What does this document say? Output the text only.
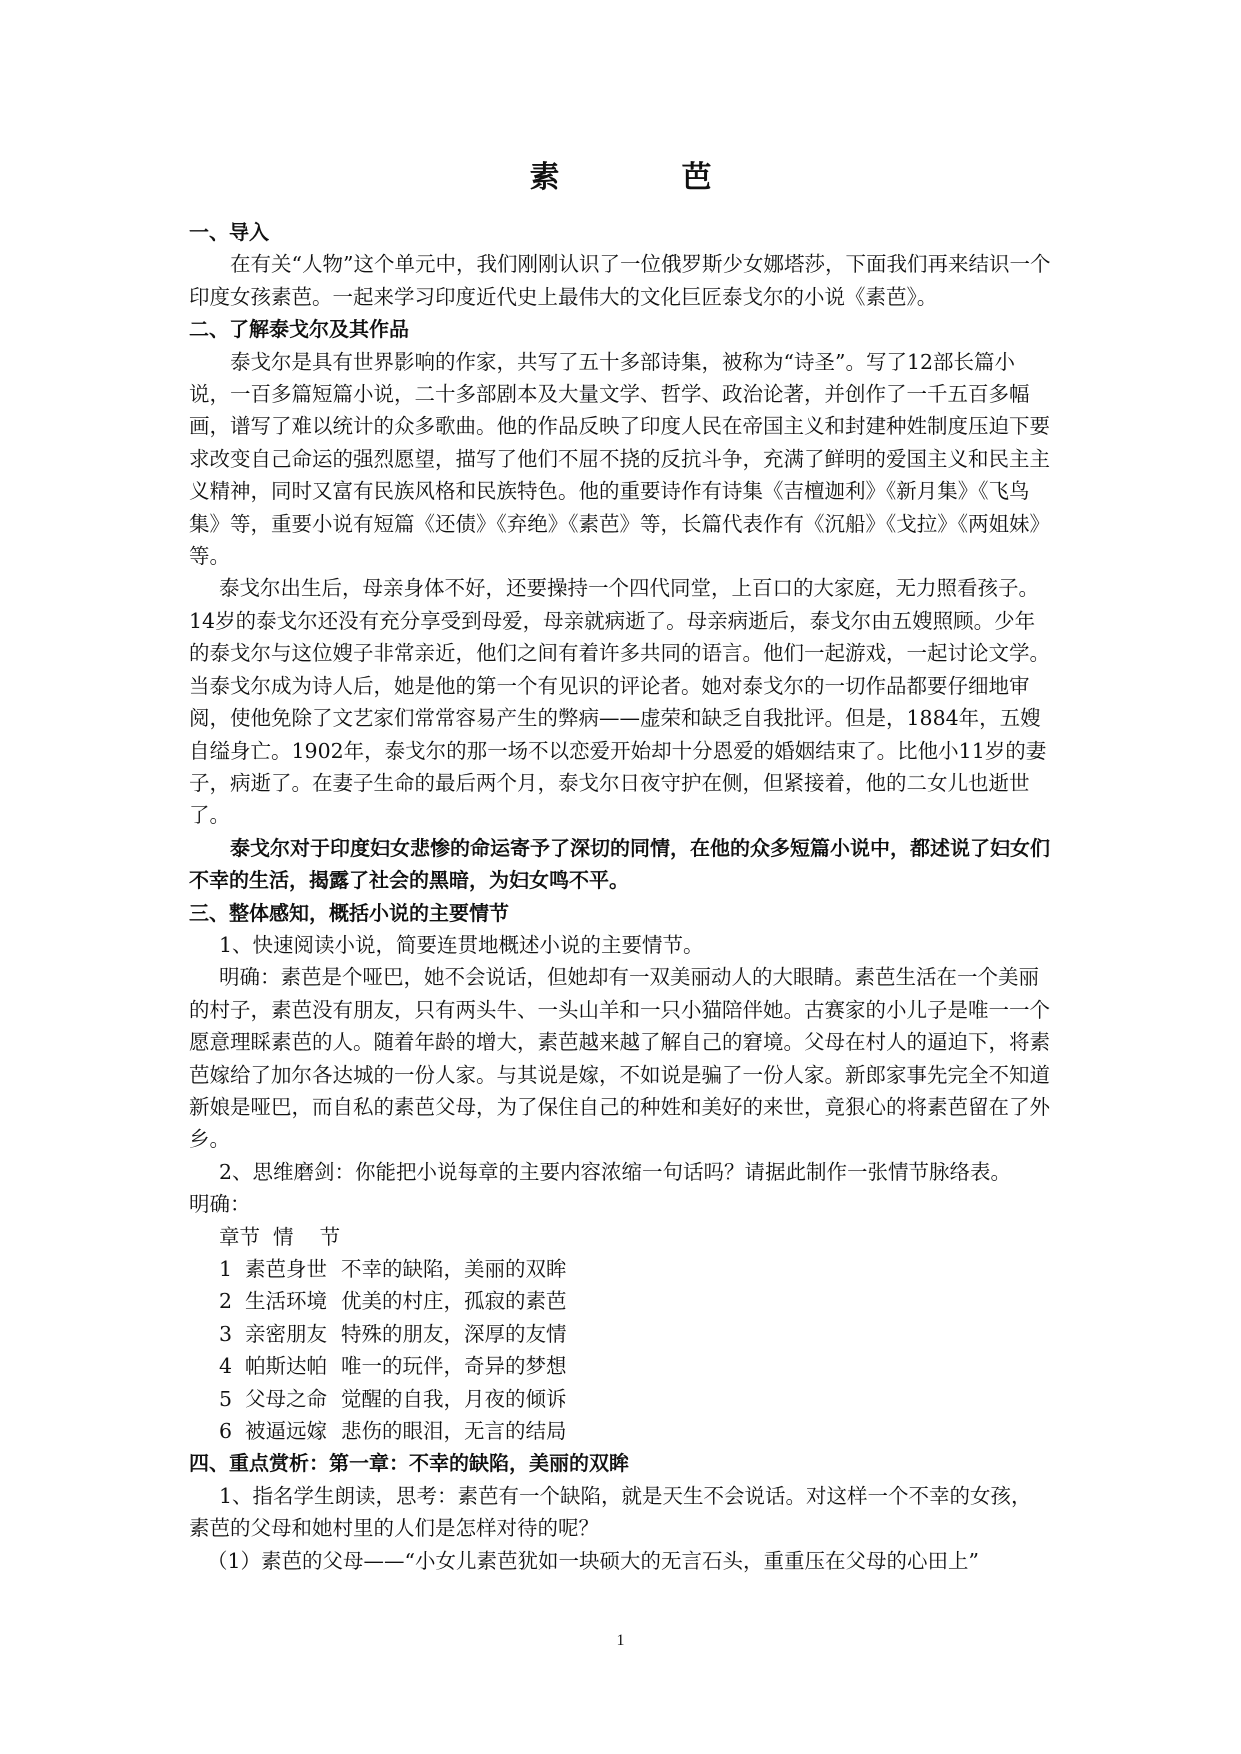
素　芭

一、导入

在有关“人物”这个单元中，我们刚刚认识了一位俄罗斯少女娜塔莎，下面我们再来结识一个印度女孩素芭。一起来学习印度近代史上最伟大的文化巨匠泰戈尔的小说《素芭》。

二、了解泰戈尔及其作品

泰戈尔是具有世界影响的作家，共写了五十多部诗集，被称为“诗圣”。写了12部长篇小说，一百多篇短篇小说，二十多部剧本及大量文学、哲学、政治论著，并创作了一千五百多幅画，谱写了难以统计的众多歌曲。他的作品反映了印度人民在帝国主义和封建种姓制度压迫下要求改变自己命运的强烈愿望，描写了他们不屈不挠的反抗斗争，充满了鲜明的爱国主义和民主主义精神，同时又富有民族风格和民族特色。他的重要诗作有诗集《吉檀迦利》《新月集》《飞鸟集》等，重要小说有短篇《还债》《弃绝》《素芭》等，长篇代表作有《沉船》《戈拉》《两姐妹》等。

泰戈尔出生后，母亲身体不好，还要操持一个四代同堂，上百口的大家庭，无力照看孩子。14岁的泰戈尔还没有充分享受到母爱，母亲就病逝了。母亲病逝后，泰戈尔由五嫂照顾。少年的泰戈尔与这位嫂子非常亲近，他们之间有着许多共同的语言。他们一起游戏，一起讨论文学。当泰戈尔成为诗人后，她是他的第一个有见识的评论者。她对泰戈尔的一切作品都要仔细地审阅，使他免除了文艺家们常常容易产生的弊病——虚荣和缺乏自我批评。但是，1884年，五嫂自缢身亡。1902年，泰戈尔的那一场不以恋爱开始却十分恩爱的婚姻结束了。比他小11岁的妻子，病逝了。在妻子生命的最后两个月，泰戈尔日夜守护在侧，但紧接着，他的二女儿也逝世了。

泰戈尔对于印度妇女悲惨的命运寄予了深切的同情，在他的众多短篇小说中，都述说了妇女们不幸的生活，揭露了社会的黑暗，为妇女鸣不平。

三、整体感知，概括小说的主要情节

1、快速阅读小说，简要连贯地概述小说的主要情节。

明确：素芭是个哑巴，她不会说话，但她却有一双美丽动人的大眼睛。素芭生活在一个美丽的村子，素芭没有朋友，只有两头牛、一头山羊和一只小猫陪伴她。古赛家的小儿子是唯一一个愿意理睬素芭的人。随着年龄的增大，素芭越来越了解自己的窘境。父母在村人的逼迫下，将素芭嫁给了加尔各达城的一份人家。与其说是嫁，不如说是骗了一份人家。新郎家事先完全不知道新娘是哑巴，而自私的素芭父母，为了保住自己的种姓和美好的来世，竟狠心的将素芭留在了外乡。

2、思维磨剑：你能把小说每章的主要内容浓缩一句话吗？请据此制作一张情节脉络表。

明确：

章节  情    节

1 素芭身世 不幸的缺陷，美丽的双眸

2 生活环境 优美的村庄，孤寂的素芭

3 亲密朋友 特殊的朋友，深厚的友情

4 帕斯达帕 唯一的玩伴，奇异的梦想

5 父母之命 觉醒的自我，月夜的倾诉

6 被逼远嫁 悲伤的眼泪，无言的结局

四、重点赏析：第一章：不幸的缺陷，美丽的双眸

1、指名学生朗读，思考：素芭有一个缺陷，就是天生不会说话。对这样一个不幸的女孩，素芭的父母和她村里的人们是怎样对待的呢？

（1）素芭的父母——“小女儿素芭犹如一块硕大的无言石头，重重压在父母的心田上”

1
